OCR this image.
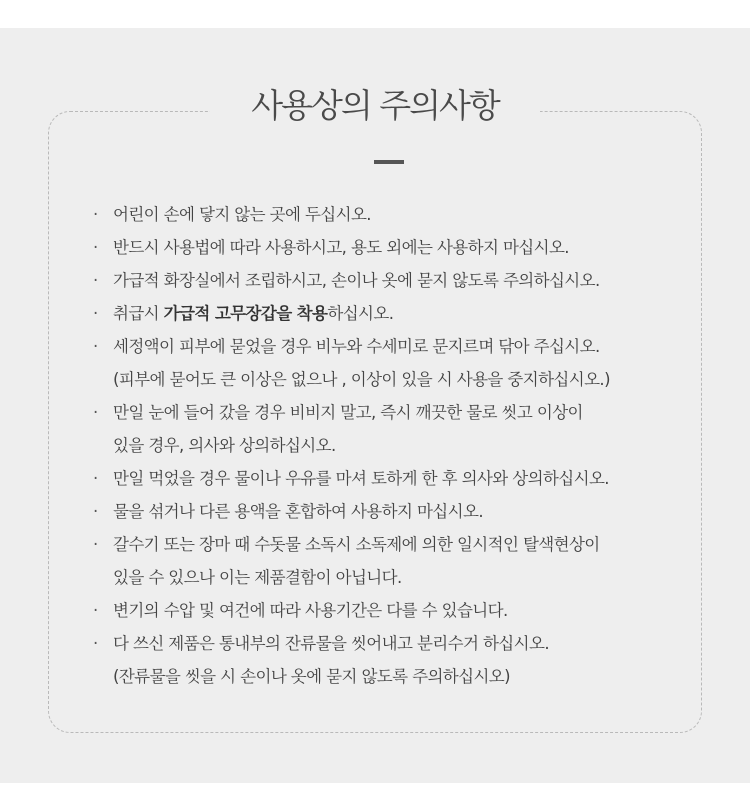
사용상의 주의사항
· 어린이 손에 닿지 않는 곳에 두십시오.
· 반드시 사용법에 따라 사용하시고, 용도 외에는 사용하지 마십시오.
· 가급적 화장실에서 조립하시고, 손이나 옷에 묻지 않도록 주의하십시오.
· 취급시 가급적 고무장갑을 착용하십시오.
· 세정액이 피부에 묻었을 경우 비누와 수세미로 문지르며 닦아 주십시오.
(피부에 묻어도 큰 이상은 없으나 , 이상이 있을 시 사용을 중지하십시오.)
· 만일 눈에 들어 갔을 경우 비비지 말고, 즉시 깨끗한 물로 씻고 이상이
있을 경우, 의사와 상의하십시오.
· 만일 먹었을 경우 물이나 우유를 마셔 토하게 한 후 의사와 상의하십시오.
· 물을 섞거나 다른 용액을 혼합하여 사용하지 마십시오.
· 갈수기 또는 장마 때 수돗물 소독시 소독제에 의한 일시적인 탈색현상이
있을 수 있으나 이는 제품결함이 아닙니다.
· 변기의 수압 및 여건에 따라 사용기간은 다를 수 있습니다.
· 다 쓰신 제품은 통내부의 잔류물을 씻어내고 분리수거 하십시오.
(잔류물을 씻을 시 손이나 옷에 묻지 않도록 주의하십시오)
